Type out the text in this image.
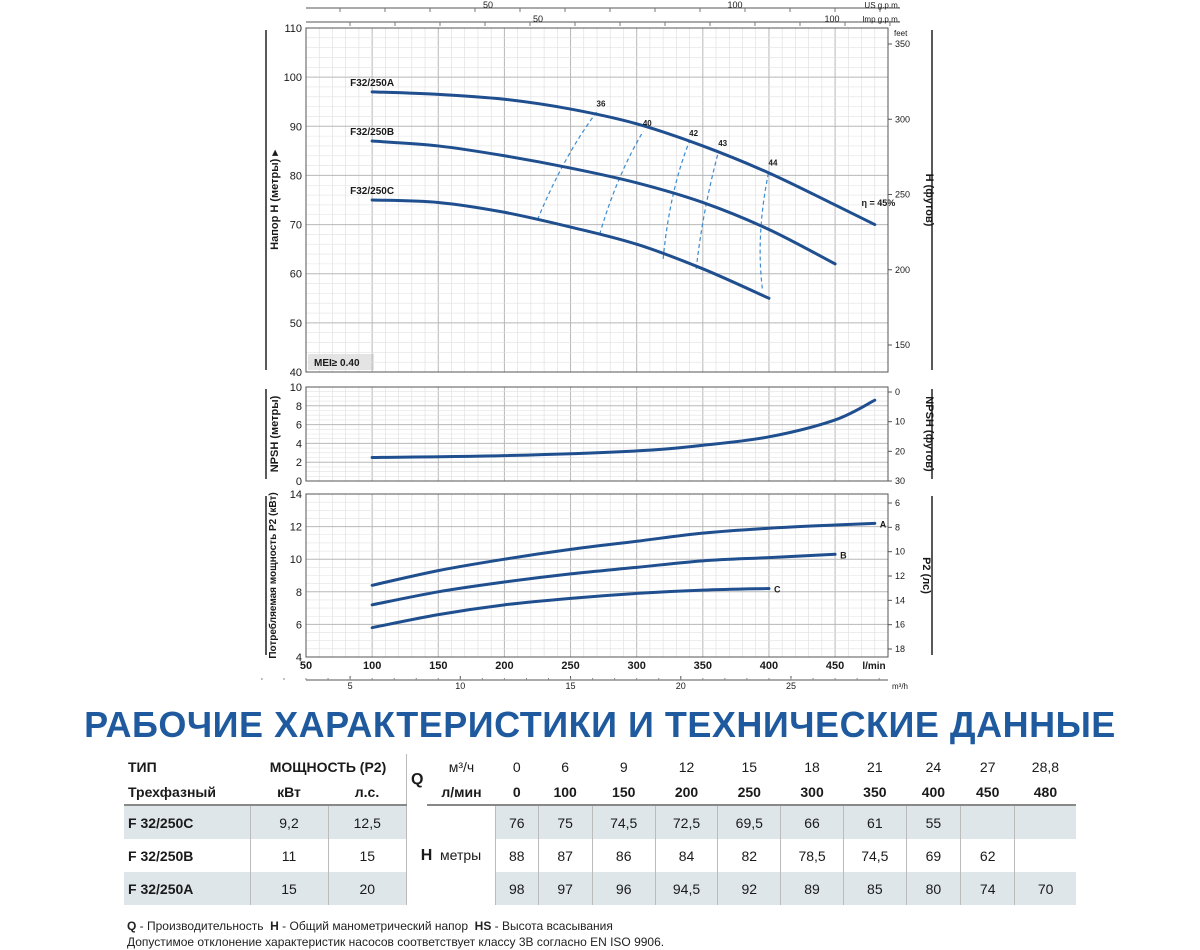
40
50
60
70
80
90
100
110
150
200
250
300
350
Напор H (метры) ▸	H (футов)
F32/250A
F32/250B
F32/250C
0
2
4
6
8
10	0
10
20
30
NPSH (метры)	NPSH (футов)
4
6
8
10
12
14
6
8
10
12
14
16
18
Потребляемая мощность P2 (кВт)	P2 (лс)
A
B
C
36
40
42
43
44
η = 45%
MEI≥ 0.40
feet
50	100
50	100
US g.p.m.
Imp g.p.m.
50	100	150	200	250	300	350	400	450 l/min
5	10	15	20	25	m³/h
РАБОЧИЕ ХАРАКТЕРИСТИКИ И ТЕХНИЧЕСКИЕ ДАННЫЕ
ТИП	МОЩНОСТЬ (P2)		Q	м³/ч	0	6	9	12	15	18	21	24	27	28,8
Трехфазный	кВт	л.с.		л/мин	0	100	150	200	250	300	350	400	450	480
F 32/250C	9,2	12,5	H метры		76	75	74,5	72,5	69,5	66	61	55		
F 32/250B	11	15			88	87	86	84	82	78,5	74,5	69	62	
F 32/250A	15	20			98	97	96	94,5	92	89	85	80	74	70
Q - Производительность  H - Общий манометрический напор  HS - Высота всасывания
Допустимое отклонение характеристик насосов соответствует классу 3B согласно EN ISO 9906.
